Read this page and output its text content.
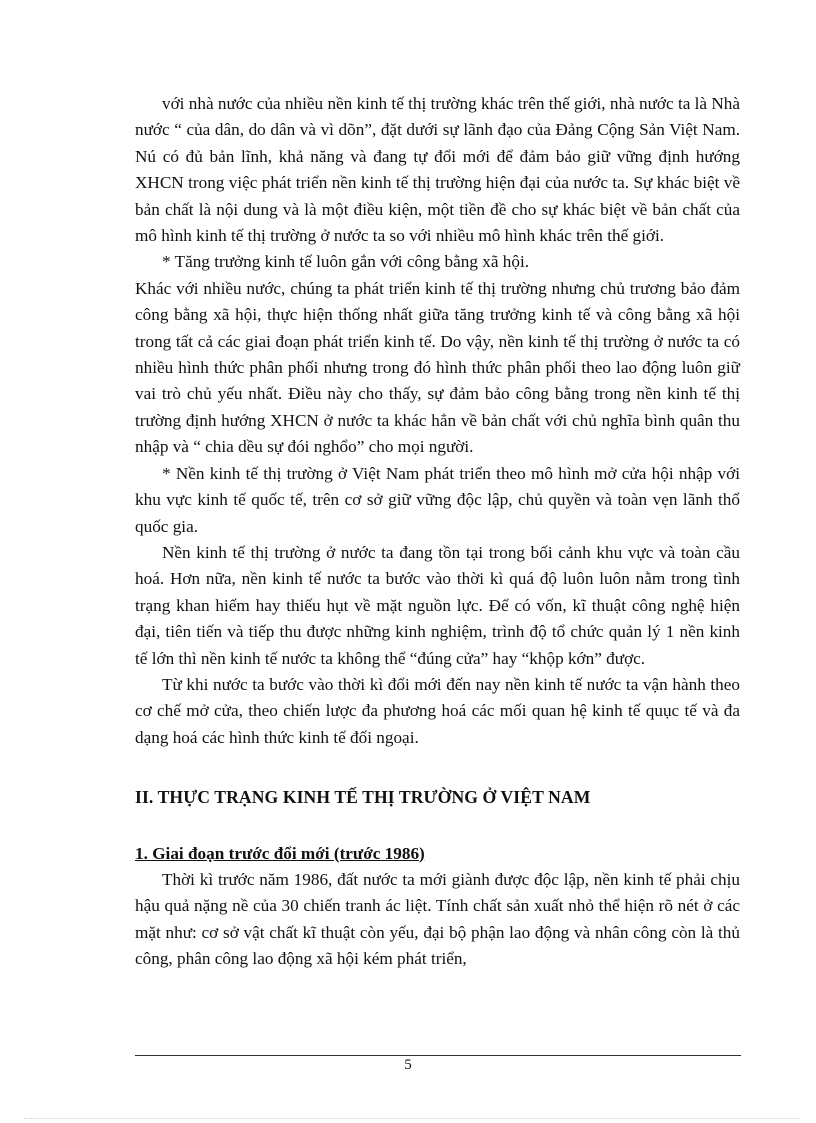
với nhà nước của nhiều nền kinh tế thị trường khác trên thế giới, nhà nước ta là Nhà nước “ của dân, do dân và vì dõn”, đặt dưới sự lãnh đạo của Đảng Cộng Sản Việt Nam. Nú có đủ bản lĩnh, khả năng và đang tự đổi mới để đảm bảo giữ vững định hướng XHCN trong việc phát triển nền kinh tế thị trường hiện đại của nước ta. Sự khác biệt về bản chất là nội dung và là một điều kiện, một tiền đề cho sự khác biệt về bản chất của mô hình kinh tế thị trường ở nước ta so với nhiều mô hình khác trên thế giới.

* Tăng trưởng kinh tế luôn gắn với công bằng xã hội.

Khác với nhiều nước, chúng ta phát triển kinh tế thị trường nhưng chủ trương bảo đảm công bằng xã hội, thực hiện thống nhất giữa tăng trưởng kinh tế và công bằng xã hội trong tất cả các giai đoạn phát triển kinh tế. Do vậy, nền kinh tế thị trường ở nước ta có nhiều hình thức phân phối nhưng trong đó hình thức phân phối theo lao động luôn giữ vai trò chủ yếu nhất. Điều này cho thấy, sự đảm bảo công bằng trong nền kinh tế thị trường định hướng XHCN ở nước ta khác hẳn về bản chất với chủ nghĩa bình quân thu nhập và “ chia dều sự đói nghổo” cho mọi người.

* Nền kinh tế thị trường ở Việt Nam phát triển theo mô hình mở cửa hội nhập với khu vực kinh tế quốc tế, trên cơ sở giữ vững độc lập, chủ quyền và toàn vẹn lãnh thổ quốc gia.

Nền kinh tế thị trường ở nước ta đang tồn tại trong bối cảnh khu vực và toàn cầu hoá. Hơn nữa, nền kinh tế nước ta bước vào thời kì quá độ luôn luôn nằm trong tình trạng khan hiếm hay thiếu hụt về mặt nguồn lực. Để có vốn, kĩ thuật công nghệ hiện đại, tiên tiến và tiếp thu được những kinh nghiệm, trình độ tổ chức quản lý 1 nền kinh tế lớn thì nền kinh tế nước ta không thể “đúng cửa” hay “khộp kớn” được.

Từ khi nước ta bước vào thời kì đổi mới đến nay nền kinh tế nước ta vận hành theo cơ chế mở cửa, theo chiến lược đa phương hoá các mối quan hệ kinh tế quục tế và đa dạng hoá các hình thức kinh tế đối ngoại.

II. THỰC TRẠNG KINH TẾ THỊ TRƯỜNG Ở VIỆT NAM

1. Giai đoạn trước đổi mới (trước 1986)

Thời kì trước năm 1986, đất nước ta mới giành được độc lập, nền kinh tế phải chịu hậu quả nặng nề của 30 chiến tranh ác liệt. Tính chất sản xuất nhỏ thể hiện rõ nét ở các mặt như: cơ sở vật chất kĩ thuật còn yếu, đại bộ phận lao động và nhân công còn là thủ công, phân công lao động xã hội kém phát triển,

5
